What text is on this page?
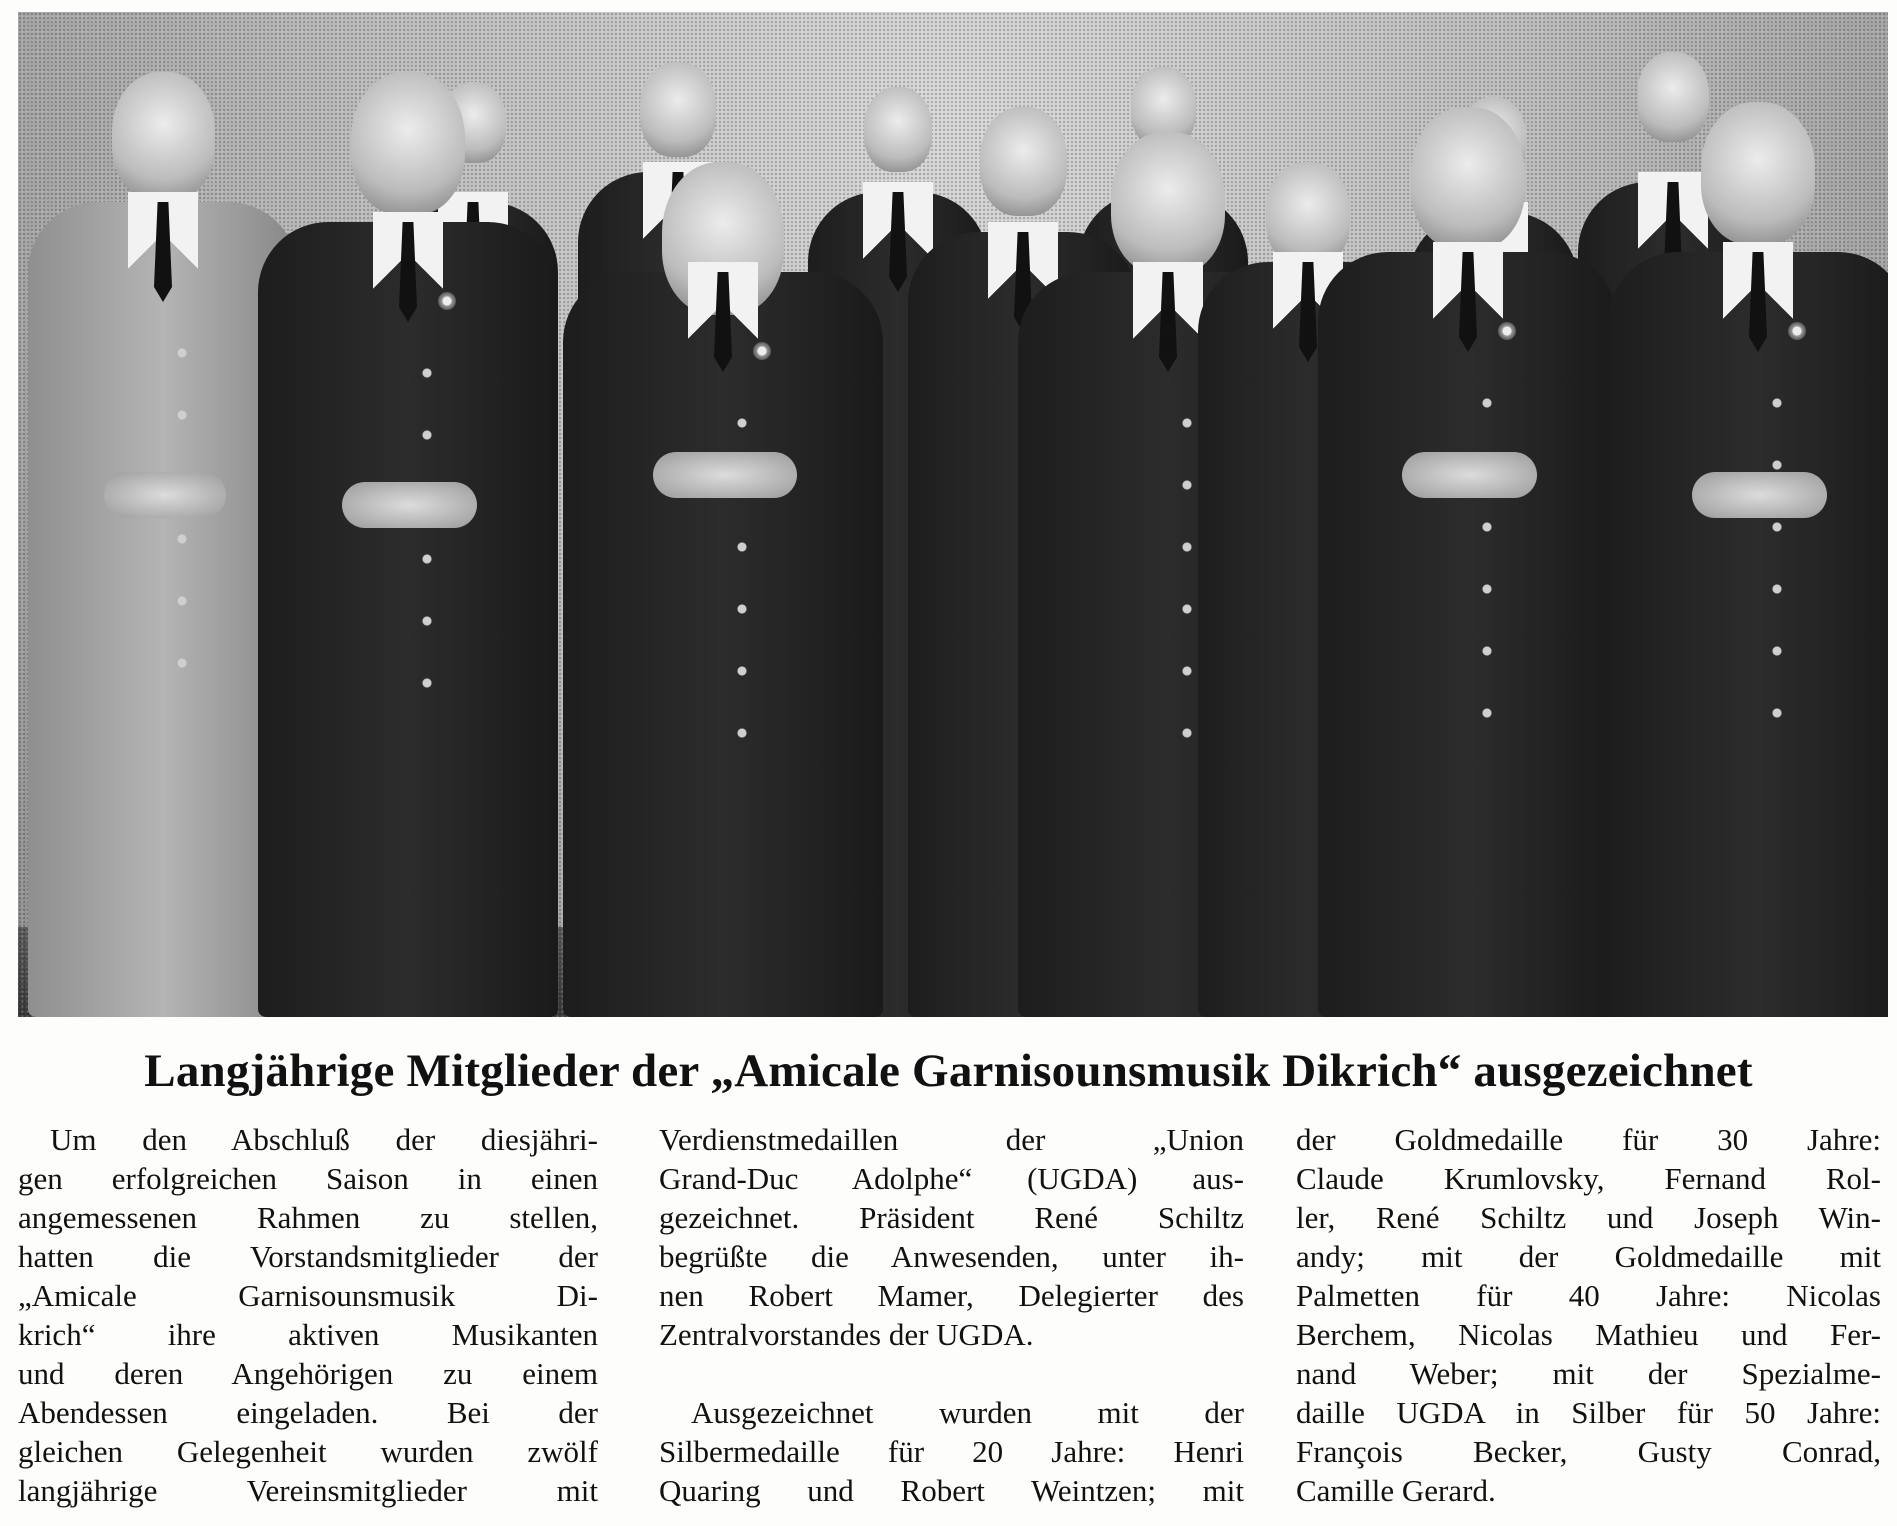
Langjährige Mitglieder der „Amicale Garnisounsmusik Dikrich“ ausgezeichnet
Um den Abschluß der diesjähri-
gen erfolgreichen Saison in einen
angemessenen Rahmen zu stellen,
hatten die Vorstandsmitglieder der
„Amicale Garnisounsmusik Di-
krich“ ihre aktiven Musikanten
und deren Angehörigen zu einem
Abendessen eingeladen. Bei der
gleichen Gelegenheit wurden zwölf
langjährige Vereinsmitglieder mit
Verdienstmedaillen der „Union
Grand-Duc Adolphe“ (UGDA) aus-
gezeichnet. Präsident René Schiltz
begrüßte die Anwesenden, unter ih-
nen Robert Mamer, Delegierter des
Zentralvorstandes der UGDA.
Ausgezeichnet wurden mit der
Silbermedaille für 20 Jahre: Henri
Quaring und Robert Weintzen; mit
der Goldmedaille für 30 Jahre:
Claude Krumlovsky, Fernand Rol-
ler, René Schiltz und Joseph Win-
andy; mit der Goldmedaille mit
Palmetten für 40 Jahre: Nicolas
Berchem, Nicolas Mathieu und Fer-
nand Weber; mit der Spezialme-
daille UGDA in Silber für 50 Jahre:
François Becker, Gusty Conrad,
Camille Gerard.
